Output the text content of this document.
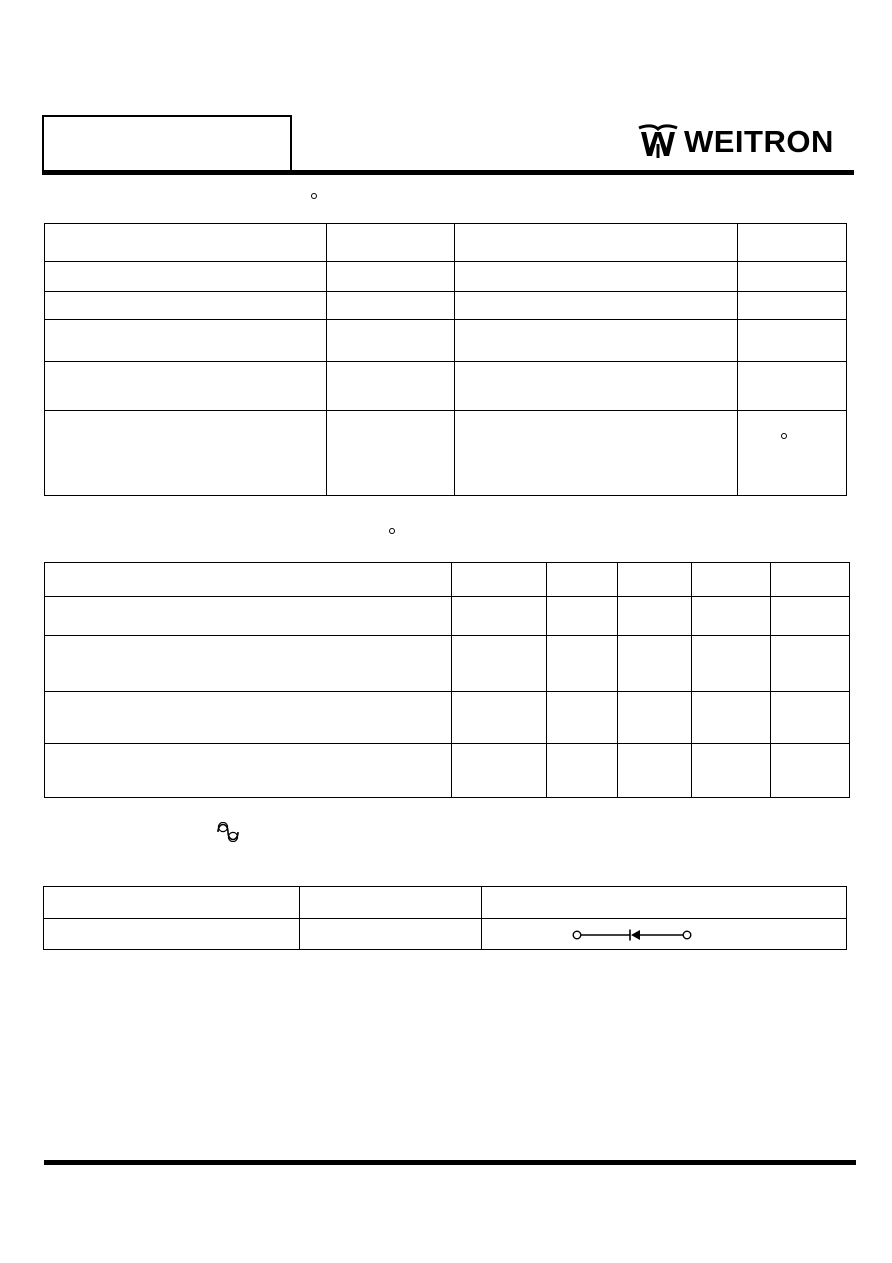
WEITRON
